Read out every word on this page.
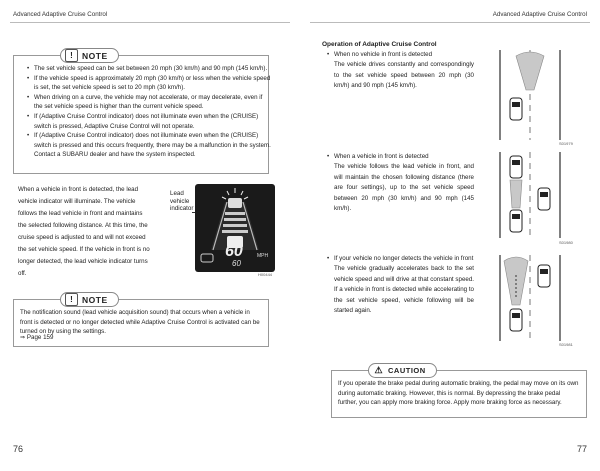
Advanced Adaptive Cruise Control	Advanced Adaptive Cruise Control
!	NOTE
• The set vehicle speed can be set between 20 mph (30 km/h) and 90 mph (145 km/h).
• If the vehicle speed is approximately 20 mph (30 km/h) or less when the vehicle speed is set, the set vehicle speed is set to 20 mph (30 km/h).
• When driving on a curve, the vehicle may not accelerate, or may decelerate, even if the set vehicle speed is higher than the current vehicle speed.
• If (Adaptive Cruise Control indicator) does not illuminate even when the (CRUISE) switch is pressed, Adaptive Cruise Control will not operate.
• If (Adaptive Cruise Control indicator) does not illuminate even when the (CRUISE) switch is pressed and this occurs frequently, there may be a malfunction in the system. Contact a SUBARU dealer and have the system inspected.
When a vehicle in front is detected, the lead vehicle indicator will illuminate. The vehicle follows the lead vehicle in front and maintains the selected following distance. At this time, the cruise speed is adjusted to and will not exceed the set vehicle speed. If the vehicle in front is no longer detected, the lead vehicle indicator turns off.
Lead vehicle indicator
60
60
MPH
H00444
!	NOTE
The notification sound (lead vehicle acquisition sound) that occurs when a vehicle in front is detected or no longer detected while Adaptive Cruise Control is activated can be turned on by using the settings.
⇒ Page 159
Operation of Adaptive Cruise Control
• When no vehicle in front is detected
The vehicle drives constantly and correspondingly to the set vehicle speed between 20 mph (30 km/h) and 90 mph (145 km/h).
• When a vehicle in front is detected
The vehicle follows the lead vehicle in front, and will maintain the chosen following distance (there are four settings), up to the set vehicle speed between 20 mph (30 km/h) and 90 mph (145 km/h).
• If your vehicle no longer detects the vehicle in front
The vehicle gradually accelerates back to the set vehicle speed and will drive at that constant speed. If a vehicle in front is detected while accelerating to the set vehicle speed, vehicle following will be started again.
S01979
S01980
S01981
⚠ CAUTION
If you operate the brake pedal during automatic braking, the pedal may move on its own during automatic braking. However, this is normal. By depressing the brake pedal further, you can apply more braking force. Apply more braking force as necessary.
76	77
